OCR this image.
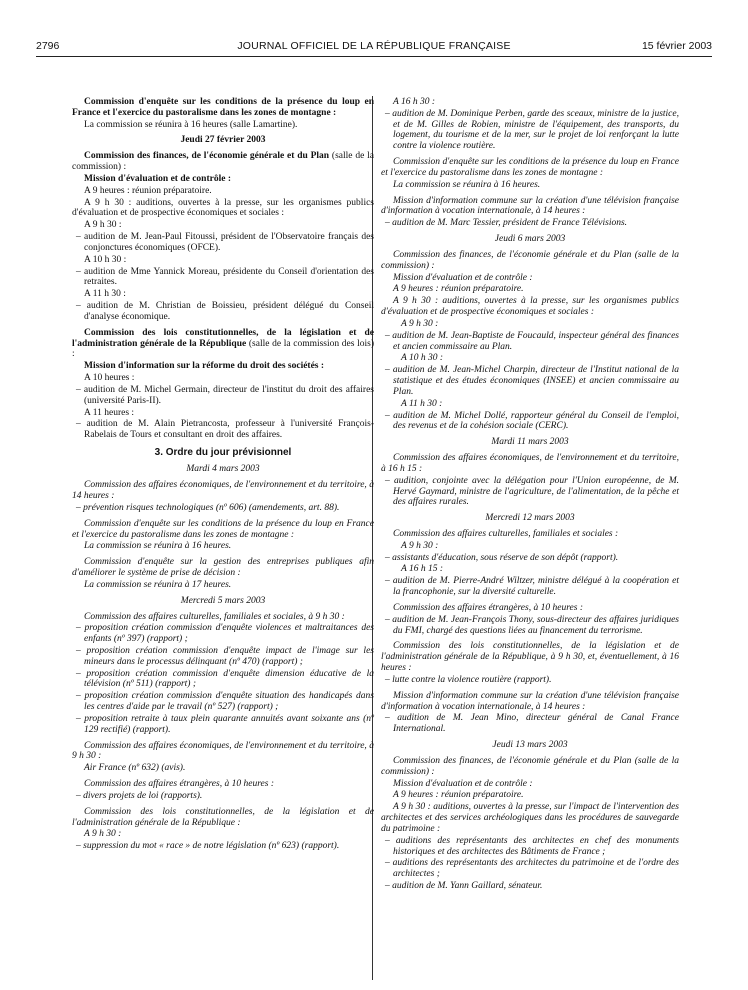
2796	JOURNAL OFFICIEL DE LA RÉPUBLIQUE FRANÇAISE	15 février 2003

Commission d'enquête sur les conditions de la présence du loup en France et l'exercice du pastoralisme dans les zones de montagne :

La commission se réunira à 16 heures (salle Lamartine).

Jeudi 27 février 2003

Commission des finances, de l'économie générale et du Plan (salle de la commission) :

Mission d'évaluation et de contrôle :

A 9 heures : réunion préparatoire.

A 9 h 30 : auditions, ouvertes à la presse, sur les organismes publics d'évaluation et de prospective économiques et sociales :

A 9 h 30 :

– audition de M. Jean-Paul Fitoussi, président de l'Observatoire français des conjonctures économiques (OFCE).

A 10 h 30 :

– audition de Mme Yannick Moreau, présidente du Conseil d'orientation des retraites.

A 11 h 30 :

– audition de M. Christian de Boissieu, président délégué du Conseil d'analyse économique.

Commission des lois constitutionnelles, de la législation et de l'administration générale de la République (salle de la commission des lois) :

Mission d'information sur la réforme du droit des sociétés :

A 10 heures :

– audition de M. Michel Germain, directeur de l'institut du droit des affaires (université Paris-II).

A 11 heures :

– audition de M. Alain Pietrancosta, professeur à l'université François-Rabelais de Tours et consultant en droit des affaires.

3. Ordre du jour prévisionnel

Mardi 4 mars 2003

Commission des affaires économiques, de l'environnement et du territoire, à 14 heures :

– prévention risques technologiques (nº 606) (amendements, art. 88).

Commission d'enquête sur les conditions de la présence du loup en France et l'exercice du pastoralisme dans les zones de montagne :

La commission se réunira à 16 heures.

Commission d'enquête sur la gestion des entreprises publiques afin d'améliorer le système de prise de décision :

La commission se réunira à 17 heures.

Mercredi 5 mars 2003

Commission des affaires culturelles, familiales et sociales, à 9 h 30 :

– proposition création commission d'enquête violences et maltraitances des enfants (nº 397) (rapport) ;

– proposition création commission d'enquête impact de l'image sur les mineurs dans le processus délinquant (nº 470) (rapport) ;

– proposition création commission d'enquête dimension éducative de la télévision (nº 511) (rapport) ;

– proposition création commission d'enquête situation des handicapés dans les centres d'aide par le travail (nº 527) (rapport) ;

– proposition retraite à taux plein quarante annuités avant soixante ans (nº 129 rectifié) (rapport).

Commission des affaires économiques, de l'environnement et du territoire, à 9 h 30 :

Air France (nº 632) (avis).

Commission des affaires étrangères, à 10 heures :

– divers projets de loi (rapports).

Commission des lois constitutionnelles, de la législation et de l'administration générale de la République :

A 9 h 30 :

– suppression du mot « race » de notre législation (nº 623) (rapport).

A 16 h 30 :

– audition de M. Dominique Perben, garde des sceaux, ministre de la justice, et de M. Gilles de Robien, ministre de l'équipement, des transports, du logement, du tourisme et de la mer, sur le projet de loi renforçant la lutte contre la violence routière.

Commission d'enquête sur les conditions de la présence du loup en France et l'exercice du pastoralisme dans les zones de montagne :

La commission se réunira à 16 heures.

Mission d'information commune sur la création d'une télévision française d'information à vocation internationale, à 14 heures :

– audition de M. Marc Tessier, président de France Télévisions.

Jeudi 6 mars 2003

Commission des finances, de l'économie générale et du Plan (salle de la commission) :

Mission d'évaluation et de contrôle :

A 9 heures : réunion préparatoire.

A 9 h 30 : auditions, ouvertes à la presse, sur les organismes publics d'évaluation et de prospective économiques et sociales :

A 9 h 30 :

– audition de M. Jean-Baptiste de Foucauld, inspecteur général des finances et ancien commissaire au Plan.

A 10 h 30 :

– audition de M. Jean-Michel Charpin, directeur de l'Institut national de la statistique et des études économiques (INSEE) et ancien commissaire au Plan.

A 11 h 30 :

– audition de M. Michel Dollé, rapporteur général du Conseil de l'emploi, des revenus et de la cohésion sociale (CERC).

Mardi 11 mars 2003

Commission des affaires économiques, de l'environnement et du territoire, à 16 h 15 :

– audition, conjointe avec la délégation pour l'Union européenne, de M. Hervé Gaymard, ministre de l'agriculture, de l'alimentation, de la pêche et des affaires rurales.

Mercredi 12 mars 2003

Commission des affaires culturelles, familiales et sociales :

A 9 h 30 :

– assistants d'éducation, sous réserve de son dépôt (rapport).

A 16 h 15 :

– audition de M. Pierre-André Wiltzer, ministre délégué à la coopération et la francophonie, sur la diversité culturelle.

Commission des affaires étrangères, à 10 heures :

– audition de M. Jean-François Thony, sous-directeur des affaires juridiques du FMI, chargé des questions liées au financement du terrorisme.

Commission des lois constitutionnelles, de la législation et de l'administration générale de la République, à 9 h 30, et, éventuellement, à 16 heures :

– lutte contre la violence routière (rapport).

Mission d'information commune sur la création d'une télévision française d'information à vocation internationale, à 14 heures :

– audition de M. Jean Mino, directeur général de Canal France International.

Jeudi 13 mars 2003

Commission des finances, de l'économie générale et du Plan (salle de la commission) :

Mission d'évaluation et de contrôle :

A 9 heures : réunion préparatoire.

A 9 h 30 : auditions, ouvertes à la presse, sur l'impact de l'intervention des architectes et des services archéologiques dans les procédures de sauvegarde du patrimoine :

– auditions des représentants des architectes en chef des monuments historiques et des architectes des Bâtiments de France ;

– auditions des représentants des architectes du patrimoine et de l'ordre des architectes ;

– audition de M. Yann Gaillard, sénateur.
